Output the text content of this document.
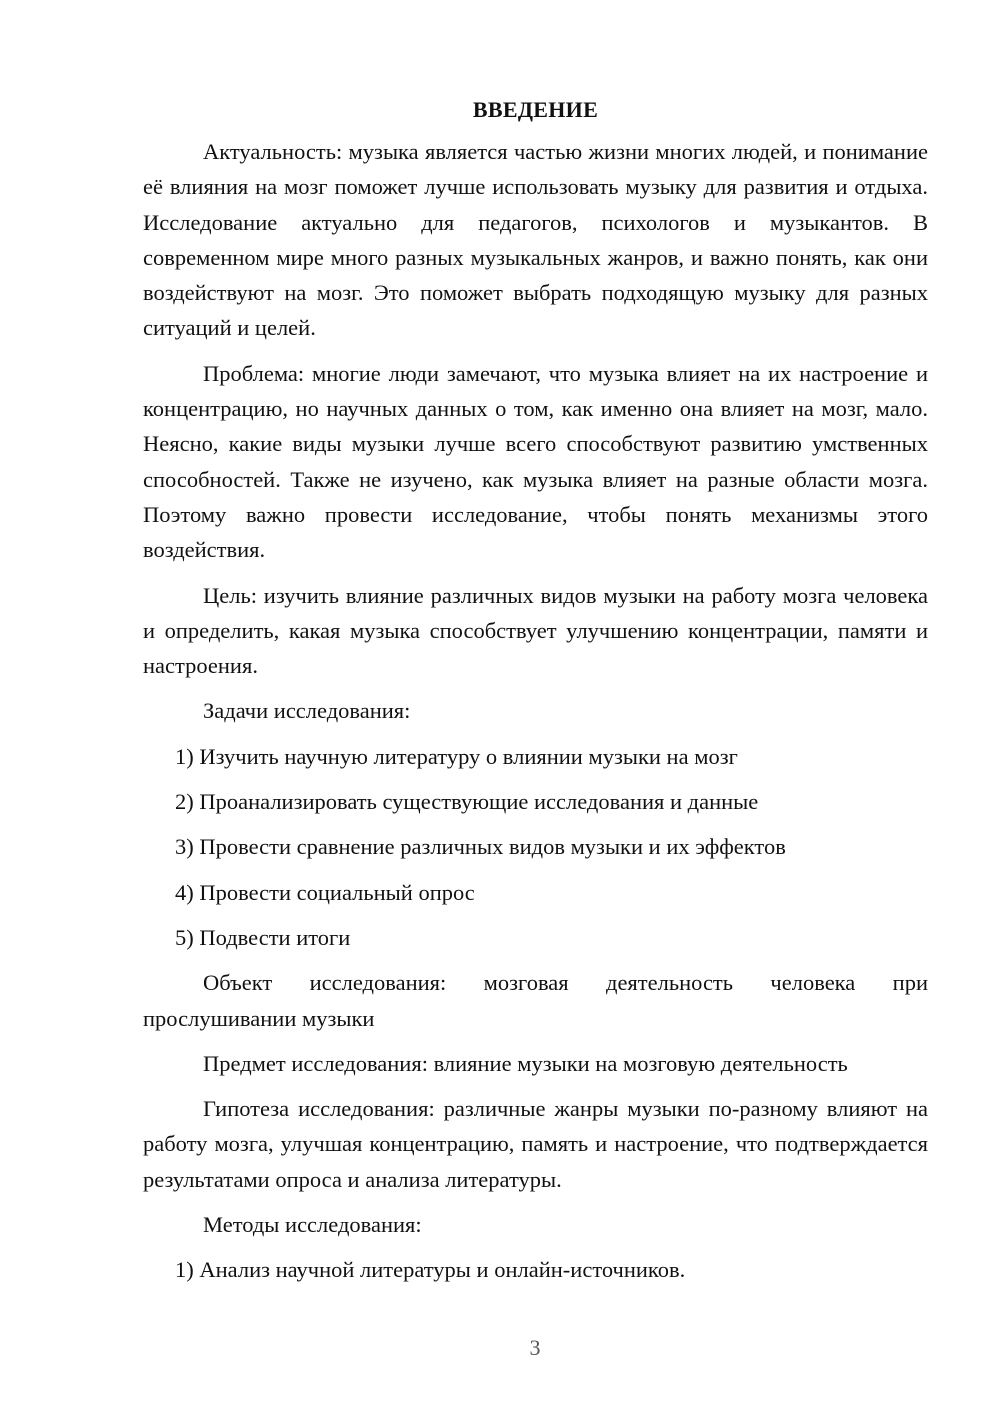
ВВЕДЕНИЕ

Актуальность: музыка является частью жизни многих людей, и понимание её влияния на мозг поможет лучше использовать музыку для развития и отдыха. Исследование актуально для педагогов, психологов и музыкантов. В современном мире много разных музыкальных жанров, и важно понять, как они воздействуют на мозг. Это поможет выбрать подходящую музыку для разных ситуаций и целей.

Проблема: многие люди замечают, что музыка влияет на их настроение и концентрацию, но научных данных о том, как именно она влияет на мозг, мало. Неясно, какие виды музыки лучше всего способствуют развитию умственных способностей. Также не изучено, как музыка влияет на разные области мозга. Поэтому важно провести исследование, чтобы понять механизмы этого воздействия.

Цель: изучить влияние различных видов музыки на работу мозга человека и определить, какая музыка способствует улучшению концентрации, памяти и настроения.

Задачи исследования:

1) Изучить научную литературу о влиянии музыки на мозг
2) Проанализировать существующие исследования и данные
3) Провести сравнение различных видов музыки и их эффектов
4) Провести социальный опрос
5) Подвести итоги

Объект исследования: мозговая деятельность человека при прослушивании музыки

Предмет исследования: влияние музыки на мозговую деятельность

Гипотеза исследования: различные жанры музыки по-разному влияют на работу мозга, улучшая концентрацию, память и настроение, что подтверждается результатами опроса и анализа литературы.

Методы исследования:

1) Анализ научной литературы и онлайн-источников.
3
